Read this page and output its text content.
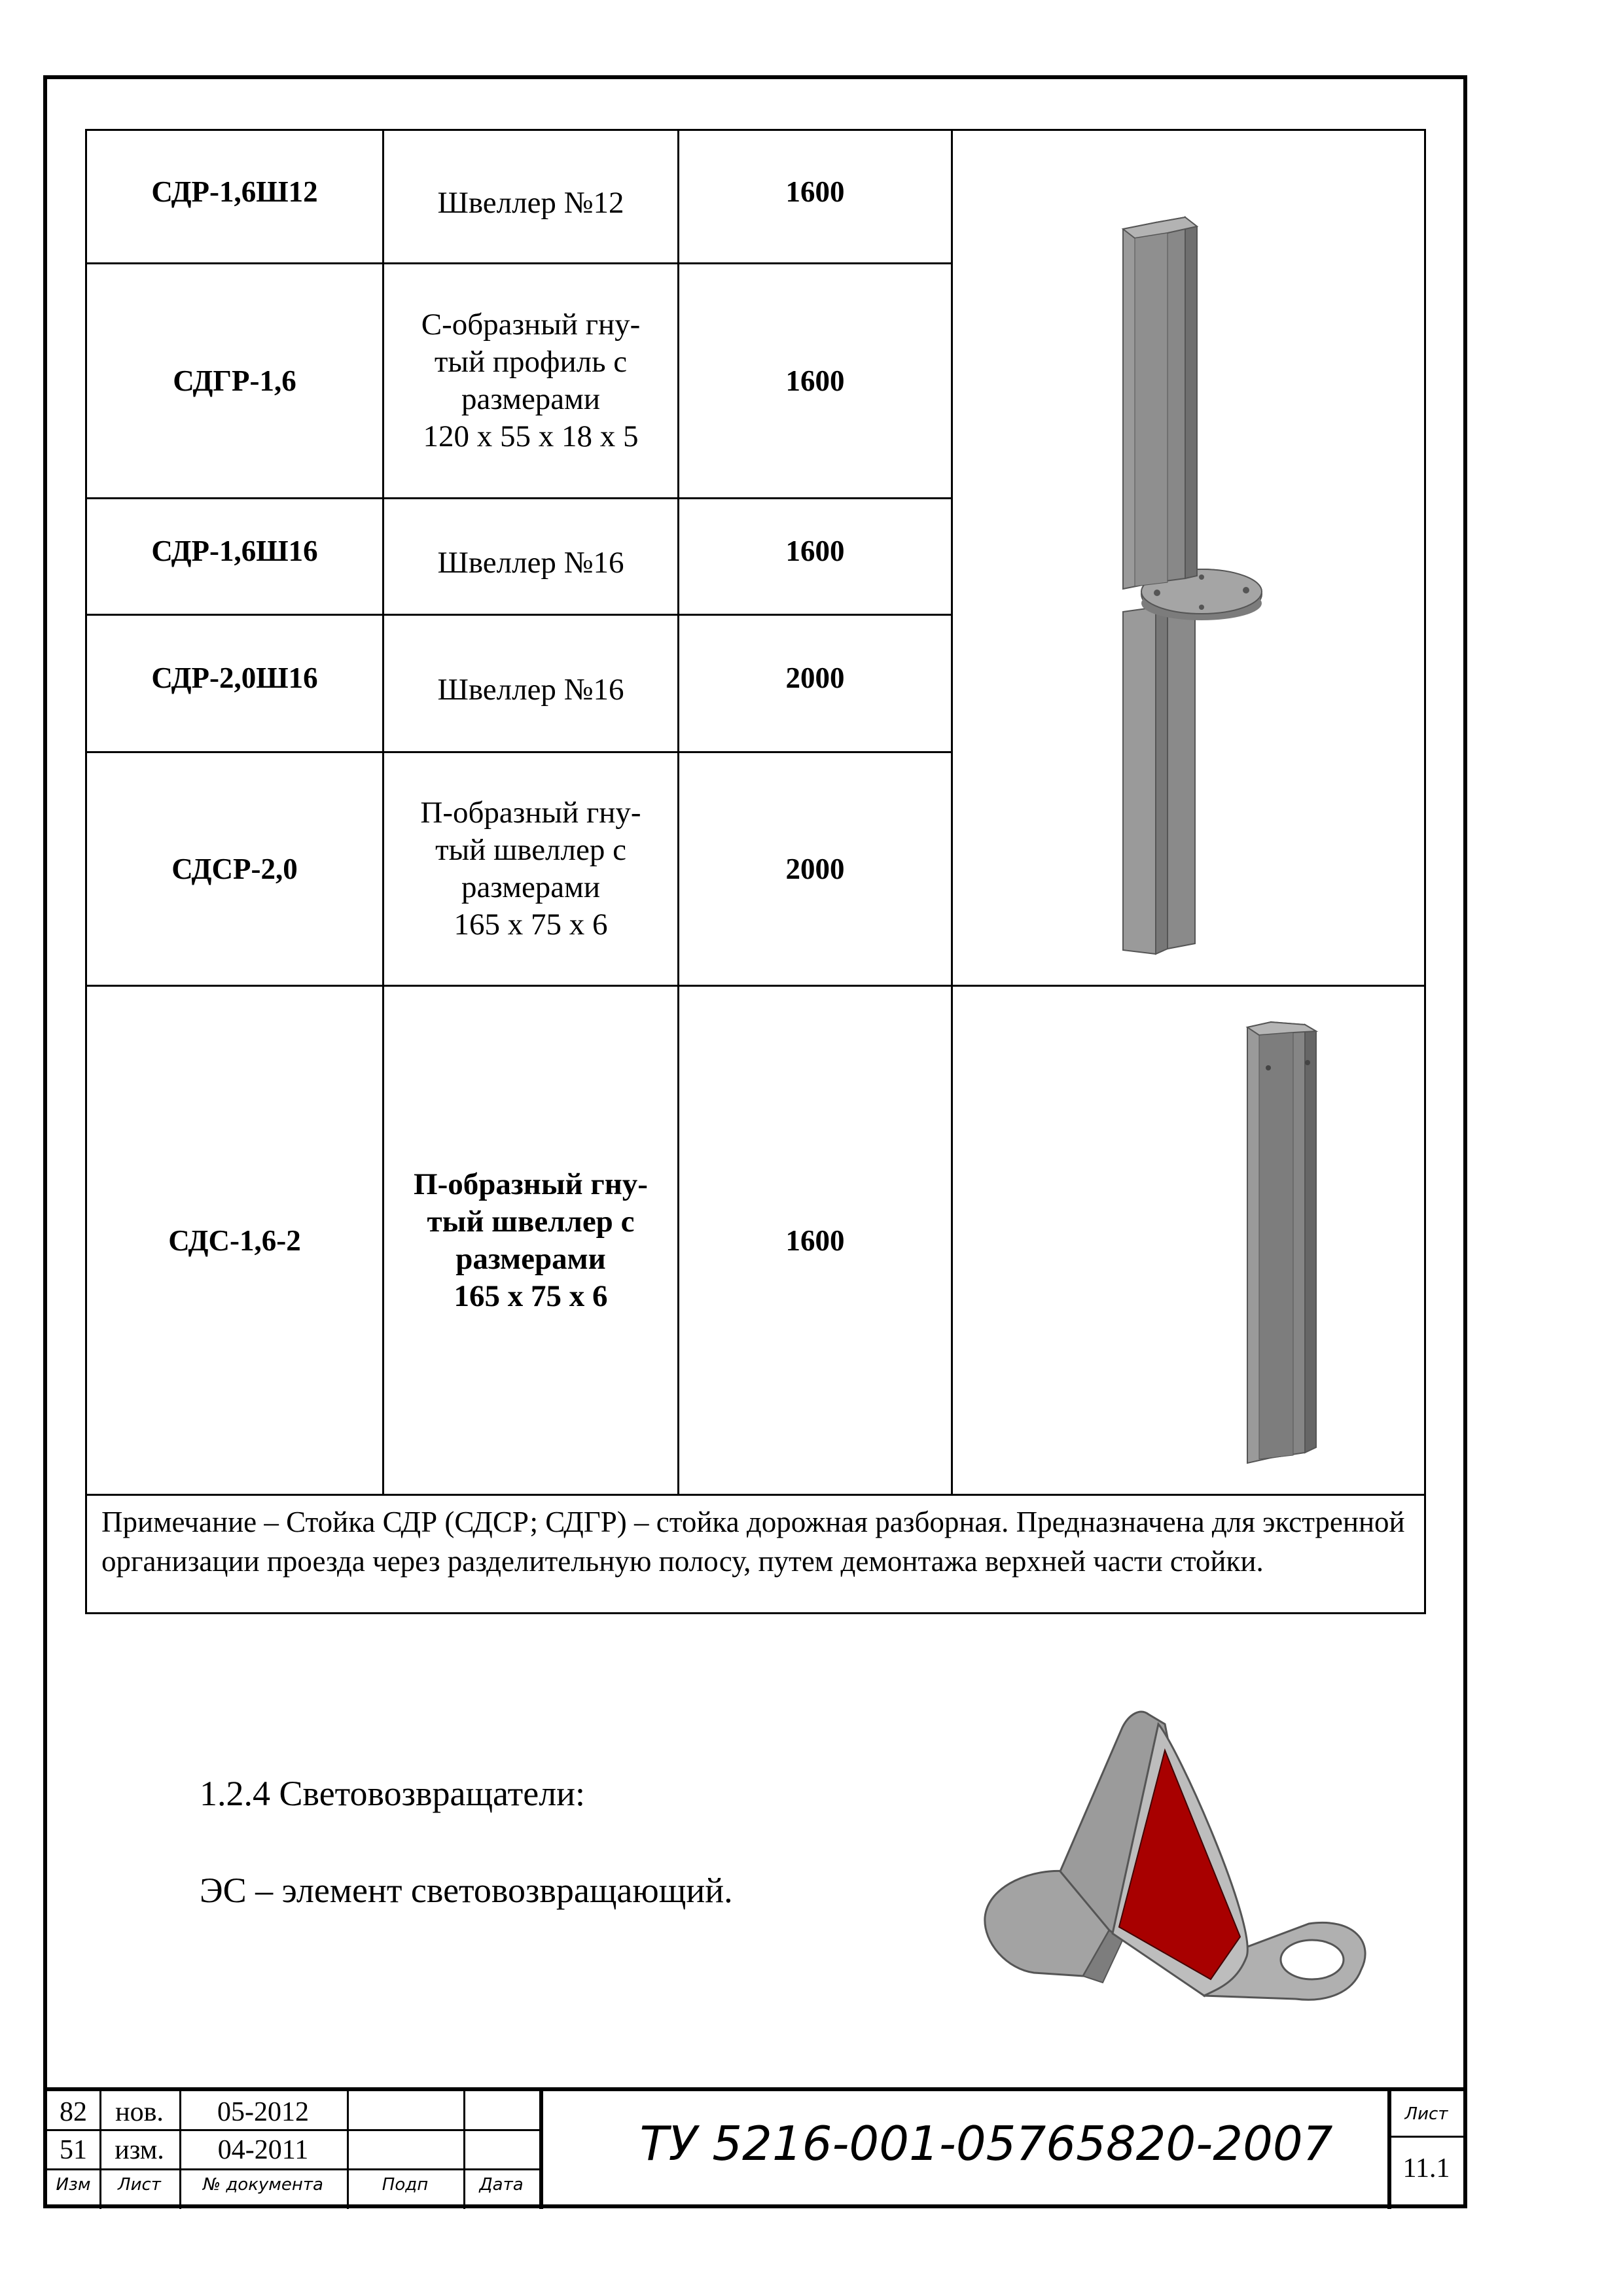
СДР-1,6Ш12	Швеллер №12	1600	
СДГР-1,6	С-образный гну-
тый профиль с
размерами
120 х 55 х 18 х 5	1600	
СДР-1,6Ш16	Швеллер №16	1600	
СДР-2,0Ш16	Швеллер №16	2000	
СДСР-2,0	П-образный гну-
тый швеллер с
размерами
165 х 75 х 6	2000	
СДС-1,6-2	П-образный гну-
тый швеллер с
размерами
165 х 75 х 6	1600	
Примечание – Стойка СДР (СДСР; СДГР) – стойка дорожная разборная. Предназначена для экстренной организации проезда через разделительную полосу, путем демонтажа верхней части стойки.			
1.2.4 Световозвращатели:
ЭС – элемент световозвращающий.
82	нов.	05-2012
51	изм.	04-2011
Изм	Лист	№ документа	Подп	Дата
ТУ 5216-001-05765820-2007
Лист
11.1
